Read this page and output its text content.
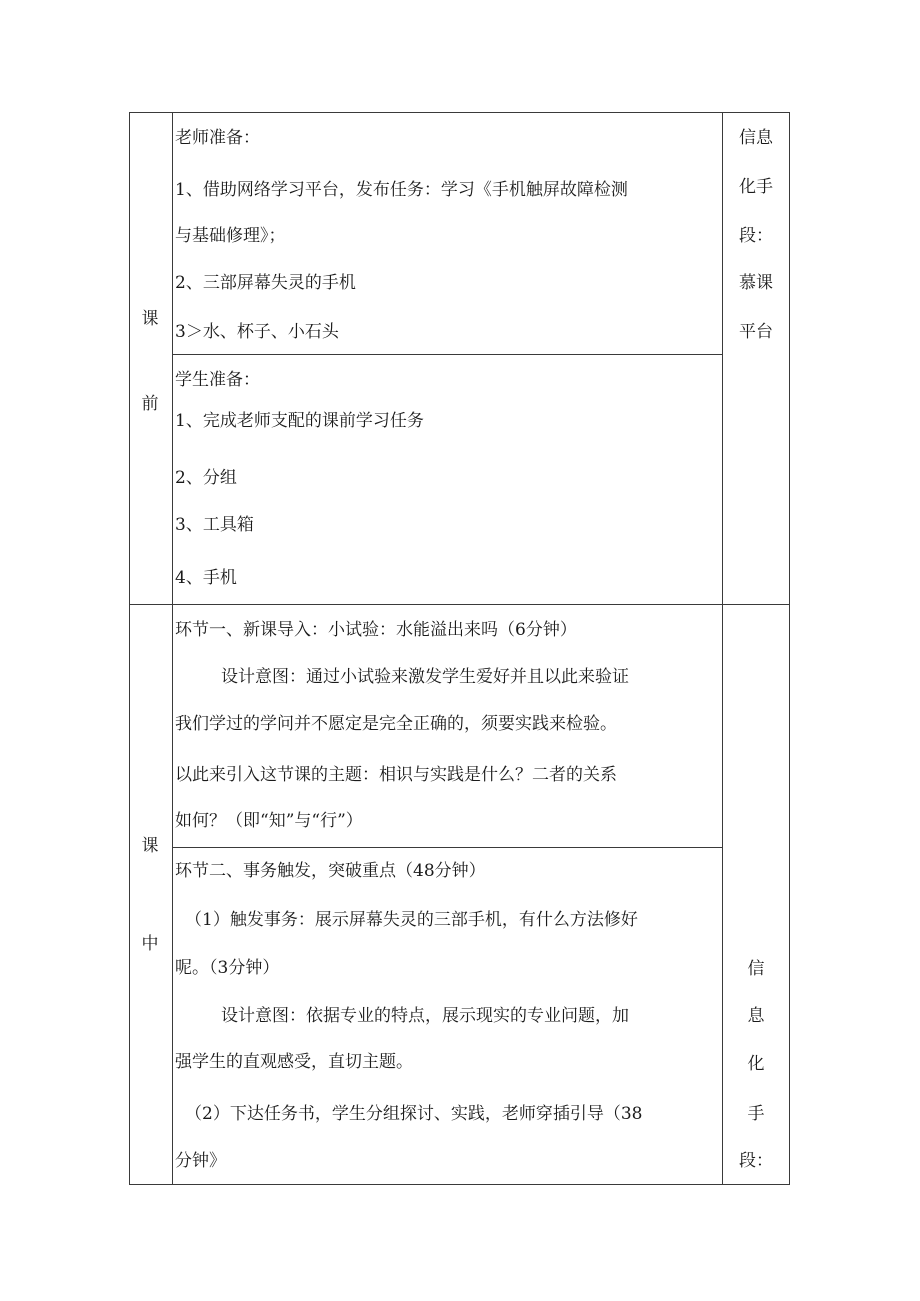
课
前
老师准备：
1、借助网络学习平台，发布任务：学习《手机触屏故障检测
与基础修理》；
2、三部屏幕失灵的手机
3＞水、杯子、小石头
学生准备：
1、完成老师支配的课前学习任务
2、分组
3、工具箱
4、手机
信息
化手
段：
慕课
平台
课
中
环节一、新课导入：小试验：水能溢出来吗（6分钟）
设计意图：通过小试验来激发学生爱好并且以此来验证
我们学过的学问并不愿定是完全正确的，须要实践来检验。
以此来引入这节课的主题：相识与实践是什么？二者的关系
如何？（即“知”与“行”）
环节二、事务触发，突破重点（48分钟）
（1）触发事务：展示屏幕失灵的三部手机，有什么方法修好
呢。（3分钟）
设计意图：依据专业的特点，展示现实的专业问题，加
强学生的直观感受，直切主题。
（2）下达任务书，学生分组探讨、实践，老师穿插引导（38
分钟》
信
息
化
手
段：
